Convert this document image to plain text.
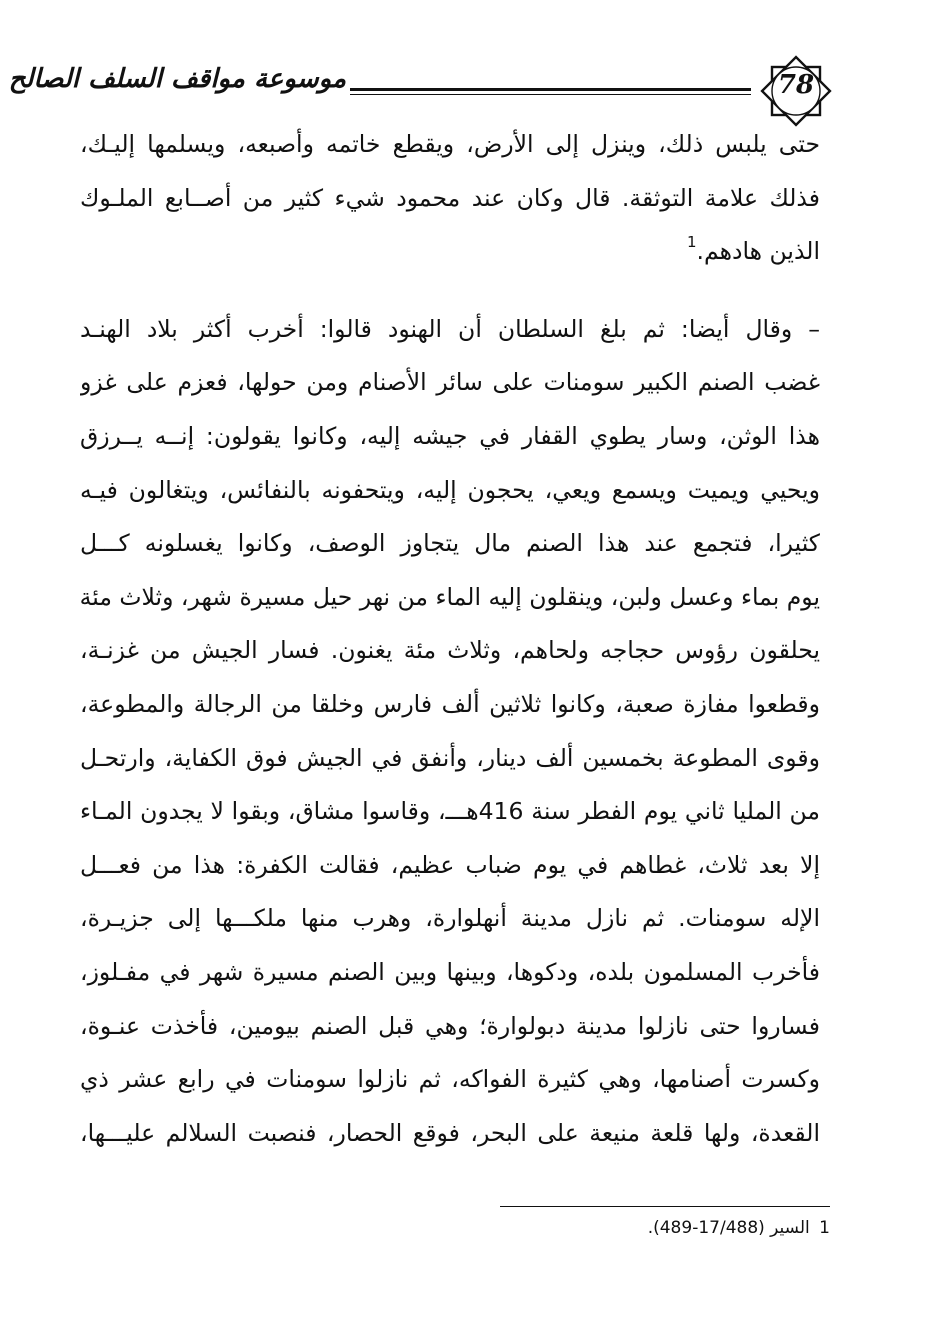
موسوعة مواقف السلف الصالح	78
حتى يلبس ذلك، وينزل إلى الأرض، ويقطع خاتمه وأصبعه، ويسلمها إليـك،
فذلك علامة التوثقة. قال وكان عند محمود شيء كثير من أصــابع الملـوك
الذين هادهم.$^1$
– وقال أيضا: ثم بلغ السلطان أن الهنود قالوا: أخرب أكثر بلاد الهنـد
غضب الصنم الكبير سومنات على سائر الأصنام ومن حولها، فعزم على غزو
هذا الوثن، وسار يطوي القفار في جيشه إليه، وكانوا يقولون: إنــه يــرزق
ويحيي ويميت ويسمع ويعي، يحجون إليه، ويتحفونه بالنفائس، ويتغالون فيـه
كثيرا، فتجمع عند هذا الصنم مال يتجاوز الوصف، وكانوا يغسلونه كـــل
يوم بماء وعسل ولبن، وينقلون إليه الماء من نهر حيل مسيرة شهر، وثلاث مئة
يحلقون رؤوس حجاجه ولحاهم، وثلاث مئة يغنون. فسار الجيش من غزنـة،
وقطعوا مفازة صعبة، وكانوا ثلاثين ألف فارس وخلقا من الرجالة والمطوعة،
وقوى المطوعة بخمسين ألف دينار، وأنفق في الجيش فوق الكفاية، وارتحـل
من المليا ثاني يوم الفطر سنة 416هـــ، وقاسوا مشاق، وبقوا لا يجدون المـاء
إلا بعد ثلاث، غطاهم في يوم ضباب عظيم، فقالت الكفرة: هذا من فعـــل
الإله سومنات. ثم نازل مدينة أنهلوارة، وهرب منها ملكـــها إلى جزيـرة،
فأخرب المسلمون بلده، ودكوها، وبينها وبين الصنم مسيرة شهر في مفـلوز،
فساروا حتى نازلوا مدينة دبولوارة؛ وهي قبل الصنم بيومين، فأخذت عنـوة،
وكسرت أصنامها، وهي كثيرة الفواكه، ثم نازلوا سومنات في رابع عشر ذي
القعدة، ولها قلعة منيعة على البحر، فوقع الحصار، فنصبت السلالم عليـــها،
1 السير (17/488-489).
